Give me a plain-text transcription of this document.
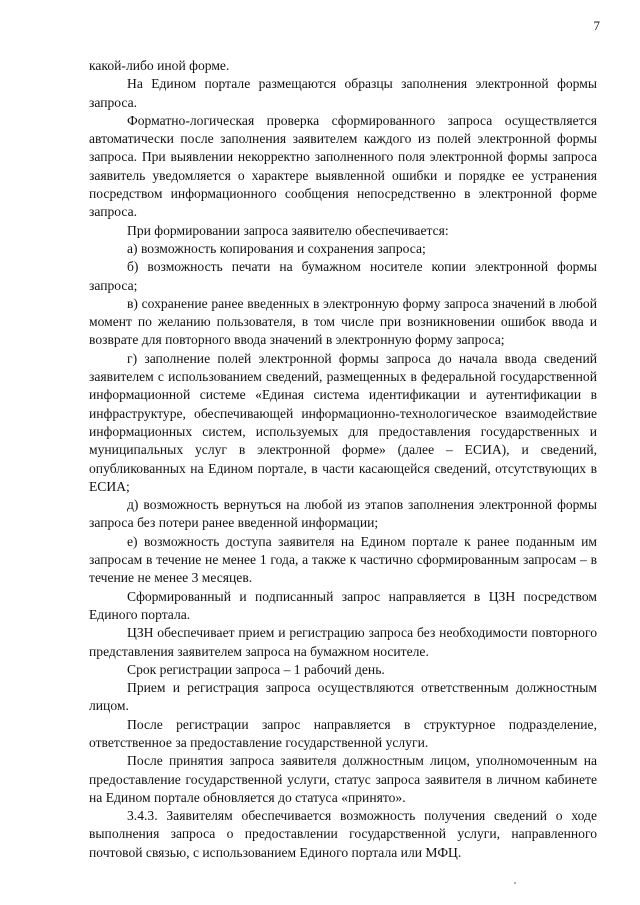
7

какой-либо иной форме.

На Едином портале размещаются образцы заполнения электронной формы запроса.

Форматно-логическая проверка сформированного запроса осуществляется автоматически после заполнения заявителем каждого из полей электронной формы запроса. При выявлении некорректно заполненного поля электронной формы запроса заявитель уведомляется о характере выявленной ошибки и порядке ее устранения посредством информационного сообщения непосредственно в электронной форме запроса.

При формировании запроса заявителю обеспечивается:

а) возможность копирования и сохранения запроса;

б) возможность печати на бумажном носителе копии электронной формы запроса;

в) сохранение ранее введенных в электронную форму запроса значений в любой момент по желанию пользователя, в том числе при возникновении ошибок ввода и возврате для повторного ввода значений в электронную форму запроса;

г) заполнение полей электронной формы запроса до начала ввода сведений заявителем с использованием сведений, размещенных в федеральной государственной информационной системе «Единая система идентификации и аутентификации в инфраструктуре, обеспечивающей информационно-технологическое взаимодействие информационных систем, используемых для предоставления государственных и муниципальных услуг в электронной форме» (далее – ЕСИА), и сведений, опубликованных на Едином портале, в части касающейся сведений, отсутствующих в ЕСИА;

д) возможность вернуться на любой из этапов заполнения электронной формы запроса без потери ранее введенной информации;

е) возможность доступа заявителя на Едином портале к ранее поданным им запросам в течение не менее 1 года, а также к частично сформированным запросам – в течение не менее 3 месяцев.

Сформированный и подписанный запрос направляется в ЦЗН посредством Единого портала.

ЦЗН обеспечивает прием и регистрацию запроса без необходимости повторного представления заявителем запроса на бумажном носителе.

Срок регистрации запроса – 1 рабочий день.

Прием и регистрация запроса осуществляются ответственным должностным лицом.

После регистрации запрос направляется в структурное подразделение, ответственное за предоставление государственной услуги.

После принятия запроса заявителя должностным лицом, уполномоченным на предоставление государственной услуги, статус запроса заявителя в личном кабинете на Едином портале обновляется до статуса «принято».

3.4.3. Заявителям обеспечивается возможность получения сведений о ходе выполнения запроса о предоставлении государственной услуги, направленного почтовой связью, с использованием Единого портала или МФЦ.
